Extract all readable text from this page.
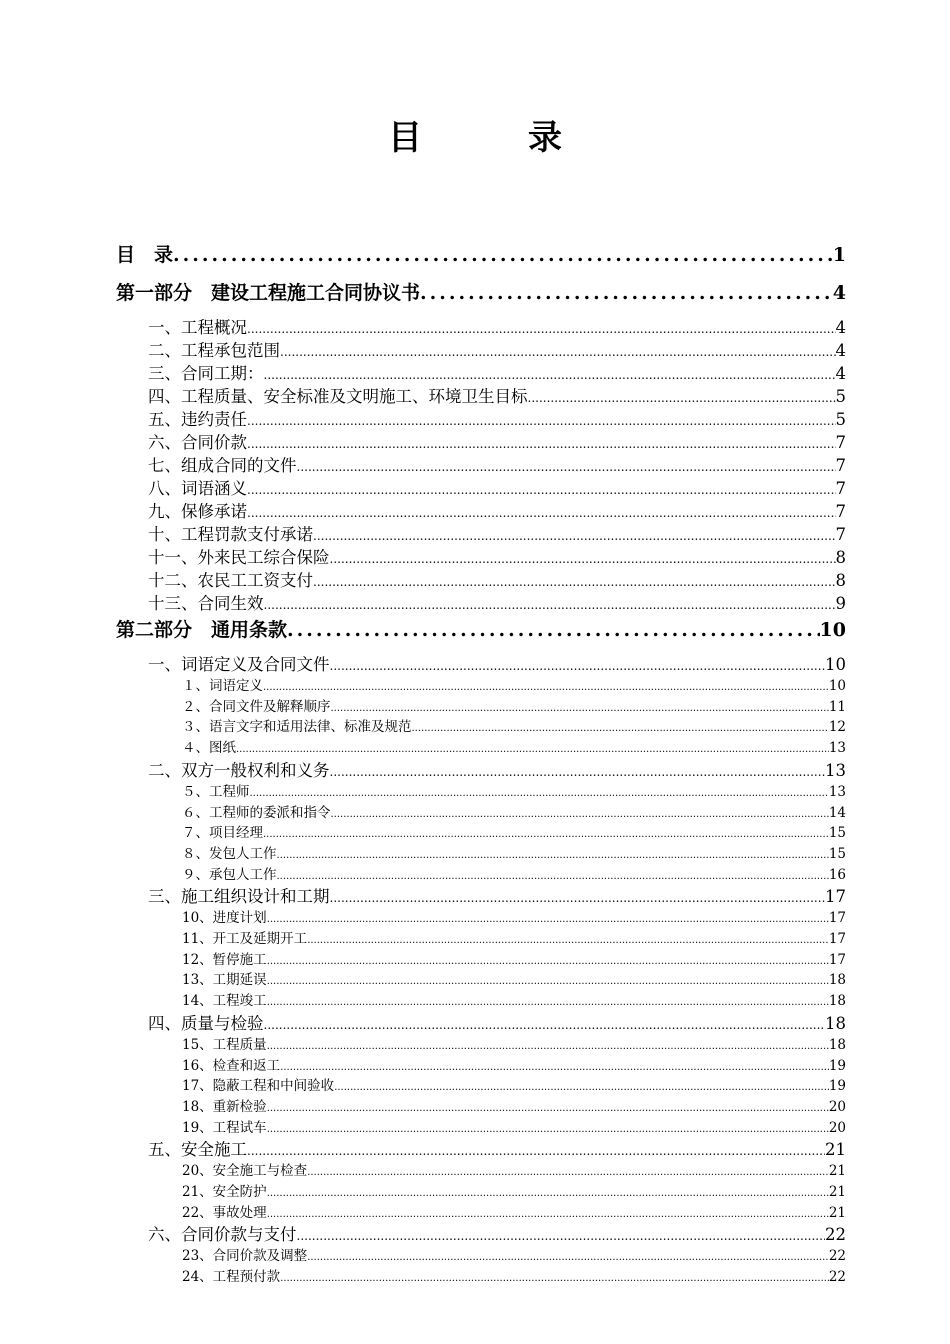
目　录
目　录 .....	1
第一部分　建设工程施工合同协议书 .....	4
一、工程概况 .....	4
二、工程承包范围 .....	4
三、合同工期： .....	4
四、工程质量、安全标准及文明施工、环境卫生目标 .....	5
五、违约责任 .....	5
六、合同价款 .....	7
七、组成合同的文件 .....	7
八、词语涵义 .....	7
九、保修承诺 .....	7
十、工程罚款支付承诺 .....	7
十一、外来民工综合保险 .....	8
十二、农民工工资支付 .....	8
十三、合同生效 .....	9
第二部分　通用条款 .....	10
一、词语定义及合同文件 .....	10
１、词语定义 .....	10
２、合同文件及解释顺序 .....	11
３、语言文字和适用法律、标准及规范 .....	12
４、图纸 .....	13
二、双方一般权利和义务 .....	13
５、工程师 .....	13
６、工程师的委派和指令 .....	14
７、项目经理 .....	15
８、发包人工作 .....	15
９、承包人工作 .....	16
三、施工组织设计和工期 .....	17
10、进度计划 .....	17
11、开工及延期开工 .....	17
12、暂停施工 .....	17
13、工期延误 .....	18
14、工程竣工 .....	18
四、质量与检验 .....	18
15、工程质量 .....	18
16、检查和返工 .....	19
17、隐蔽工程和中间验收 .....	19
18、重新检验 .....	20
19、工程试车 .....	20
五、安全施工 .....	21
20、安全施工与检查 .....	21
21、安全防护 .....	21
22、事故处理 .....	21
六、合同价款与支付 .....	22
23、合同价款及调整 .....	22
24、工程预付款 .....	22
